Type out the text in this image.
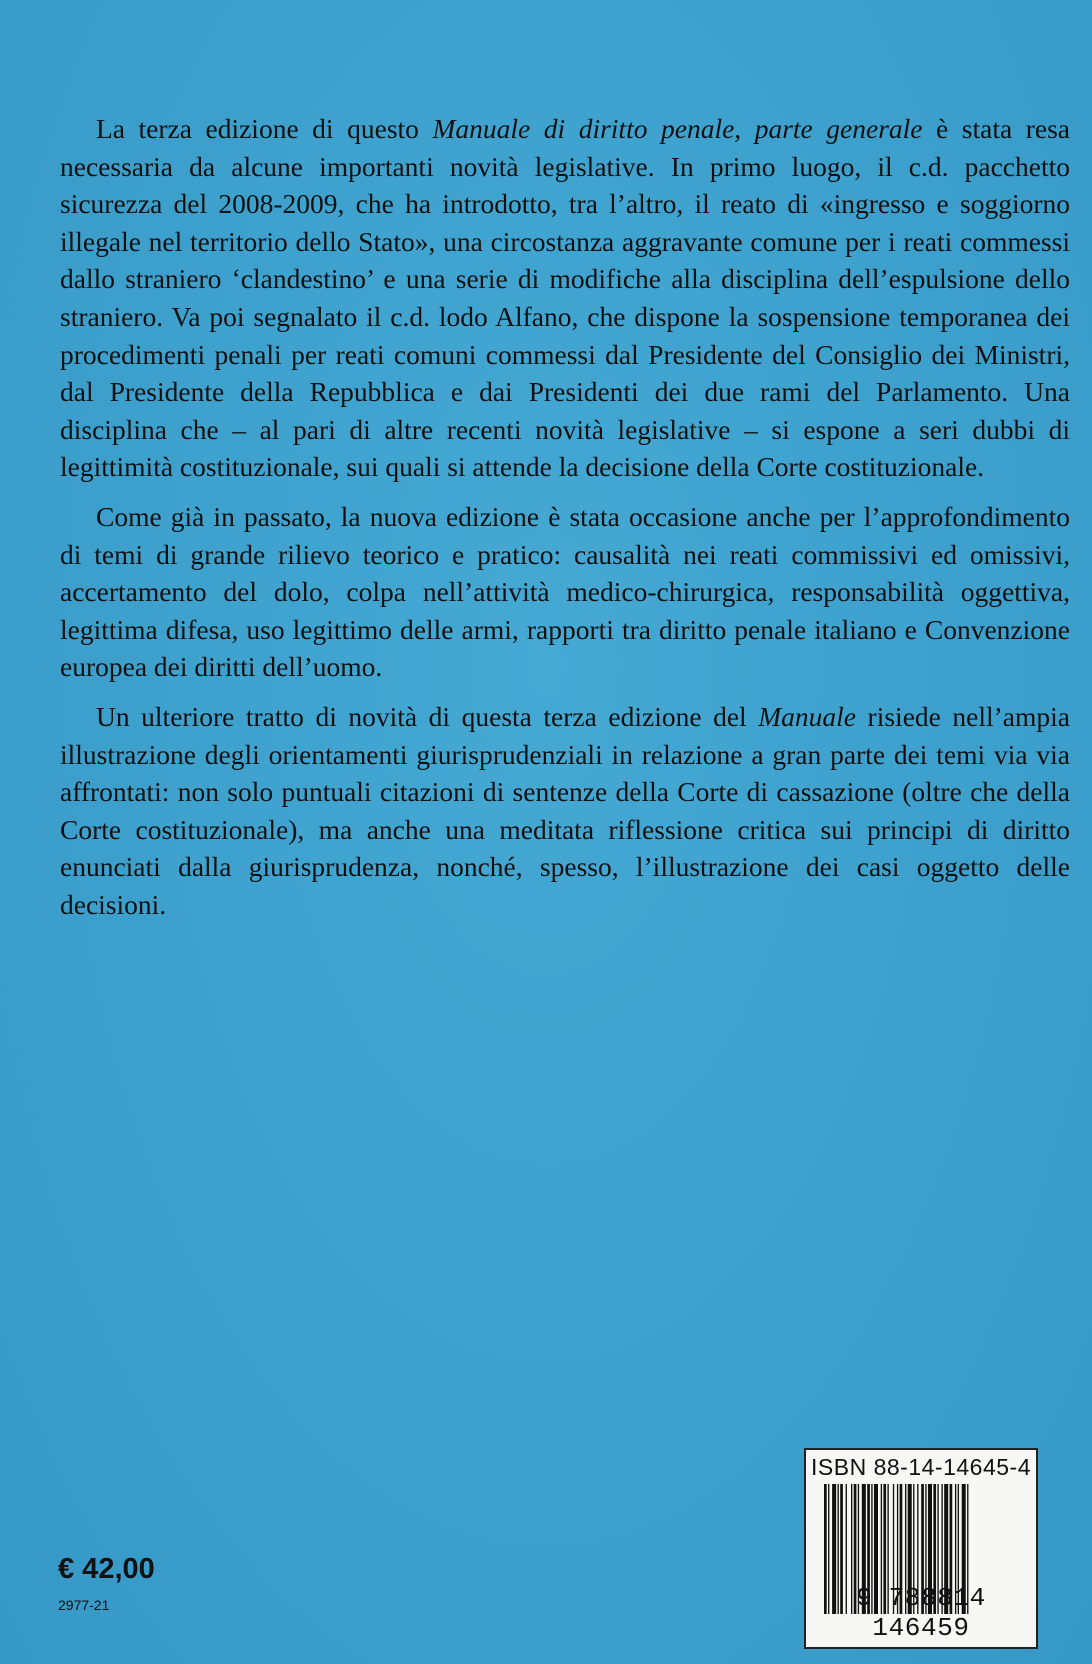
La terza edizione di questo Manuale di diritto penale, parte generale è stata resa necessaria da alcune importanti novità legislative. In primo luogo, il c.d. pacchetto sicurezza del 2008-2009, che ha introdotto, tra l’altro, il reato di «ingresso e soggiorno illegale nel territorio dello Stato», una circostanza aggravante comune per i reati commessi dallo straniero ‘clandestino’ e una serie di modifiche alla disciplina dell’espulsione dello straniero. Va poi segnalato il c.d. lodo Alfano, che dispone la sospensione temporanea dei procedimenti penali per reati comuni commessi dal Presidente del Consiglio dei Ministri, dal Presidente della Repubblica e dai Presidenti dei due rami del Parlamento. Una disciplina che – al pari di altre recenti novità legislative – si espone a seri dubbi di legittimità costituzionale, sui quali si attende la decisione della Corte costituzionale.

Come già in passato, la nuova edizione è stata occasione anche per l’approfondimento di temi di grande rilievo teorico e pratico: causalità nei reati commissivi ed omissivi, accertamento del dolo, colpa nell’attività medico-chirurgica, responsabilità oggettiva, legittima difesa, uso legittimo delle armi, rapporti tra diritto penale italiano e Convenzione europea dei diritti dell’uomo.

Un ulteriore tratto di novità di questa terza edizione del Manuale risiede nell’ampia illustrazione degli orientamenti giurisprudenziali in relazione a gran parte dei temi via via affrontati: non solo puntuali citazioni di sentenze della Corte di cassazione (oltre che della Corte costituzionale), ma anche una meditata riflessione critica sui principi di diritto enunciati dalla giurisprudenza, nonché, spesso, l’illustrazione dei casi oggetto delle decisioni.

ISBN 88-14-14645-4
9 788814 146459
€ 42,00
2977-21
